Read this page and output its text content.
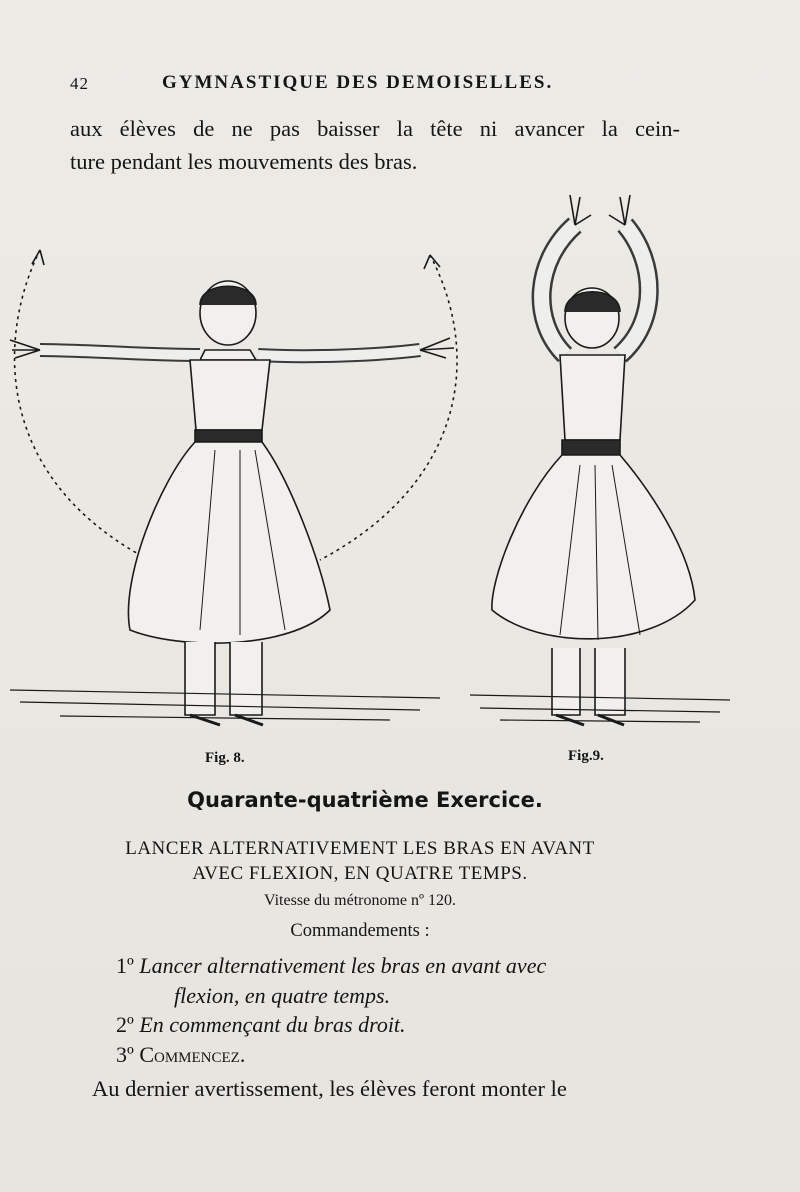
42	GYMNASTIQUE DES DEMOISELLES.
aux élèves de ne pas baisser la tête ni avancer la cein-
ture pendant les mouvements des bras.
Fig. 8.	Fig.9.
Quarante-quatrième Exercice.
LANCER ALTERNATIVEMENT LES BRAS EN AVANT
AVEC FLEXION, EN QUATRE TEMPS.
Vitesse du métronome nº 120.
Commandements :
1º Lancer alternativement les bras en avant avec
flexion, en quatre temps.
2º En commençant du bras droit.
3º Commencez.
Au dernier avertissement, les élèves feront monter le
